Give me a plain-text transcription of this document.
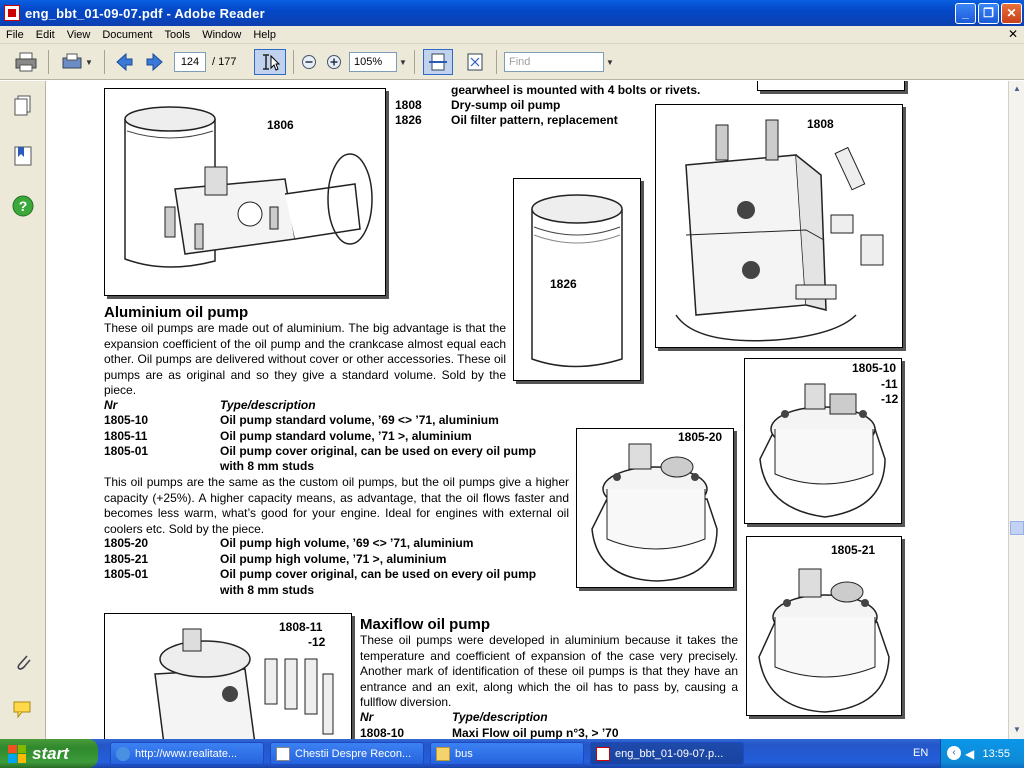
eng_bbt_01-09-07.pdf - Adobe Reader	_	❐	✕
File	Edit	View	Document	Tools	Window	Help	✕
▼	124	/ 177	105%	▼	Find	▼
?
gearwheel is mounted with 4 bolts or rivets.
1808	Dry-sump oil pump
1826	Oil filter pattern, replacement
1806	1808
1826
Aluminium oil pump
These oil pumps are made out of aluminium. The big advantage is that the expansion coefficient of the oil pump and the crankcase almost equal each other. Oil pumps are delivered without cover or other accessories. These oil pumps are as original and so they give a standard volume. Sold by the piece.
Nr	Type/description
1805-10	Oil pump standard volume, ’69 <> ’71, aluminium
1805-11	Oil pump standard volume, ’71 >, aluminium
1805-01	Oil pump cover original, can be used on every oil pump
with 8 mm studs
This oil pumps are the same as the custom oil pumps, but the oil pumps give a higher capacity (+25%). A higher capacity means, as advantage, that the oil flows faster and becomes less warm, what’s good for your engine. Ideal for engines with external oil coolers etc. Sold by the piece.
1805-20	Oil pump high volume, ’69 <> ’71, aluminium
1805-21	Oil pump high volume, ’71 >, aluminium
1805-01	Oil pump cover original, can be used on every oil pump
with 8 mm studs
1805-10
-11
-12
1805-20
1805-21
1808-11
-12
Maxiflow oil pump
These oil pumps were developed in aluminium because it takes the temperature and coefficient of expansion of the case very precisely. Another mark of identification of these oil pumps is that they have an entrance and an exit, along which the oil has to pass by, causing a fullflow diversion.
Nr	Type/description
1808-10	Maxi Flow oil pump n°3, > ’70
▲
▼
start	http://www.realitate...	Chestii Despre Recon...	bus	eng_bbt_01-09-07.p...	EN	‹ ◀ 13:55
